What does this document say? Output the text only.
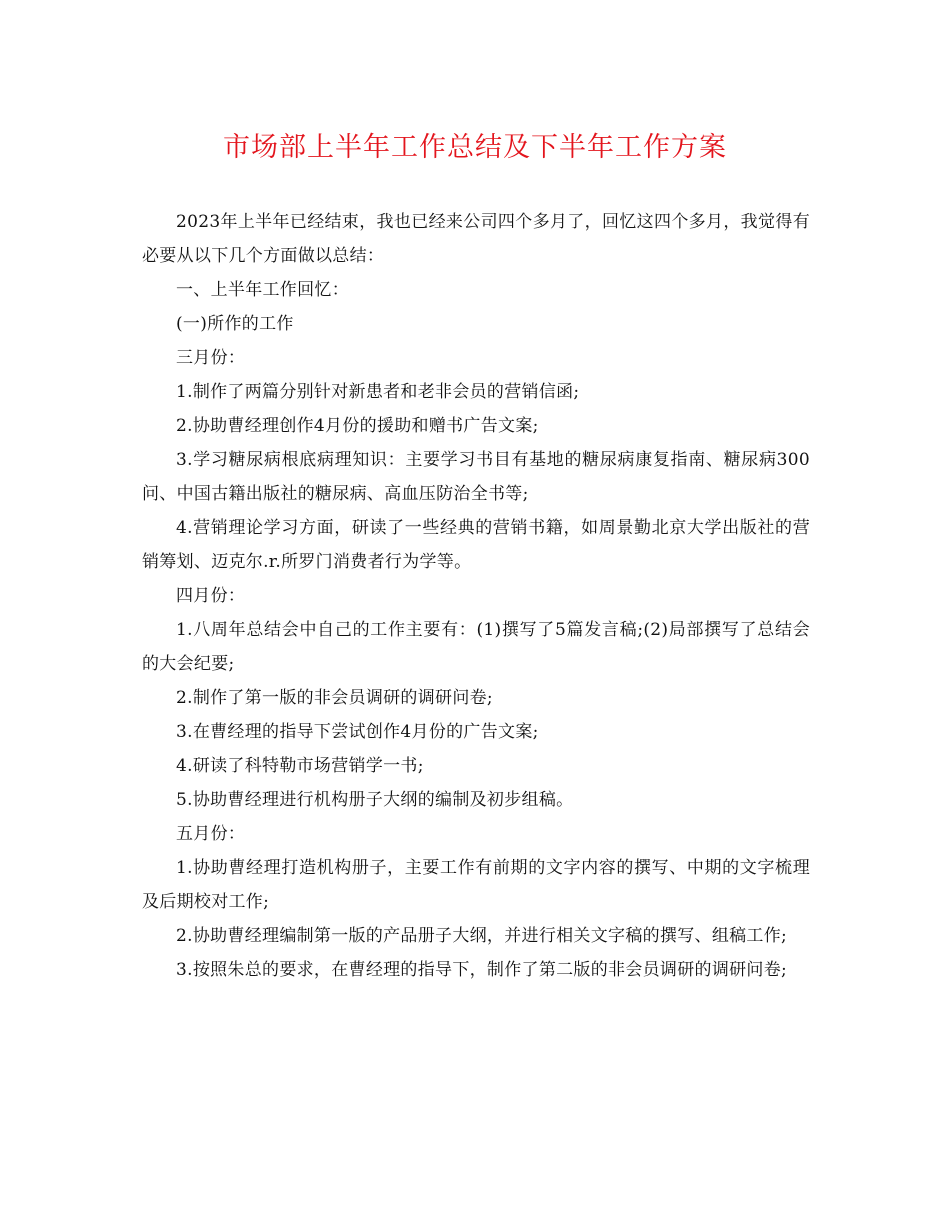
市场部上半年工作总结及下半年工作方案

2023年上半年已经结束，我也已经来公司四个多月了，回忆这四个多月，我觉得有必要从以下几个方面做以总结：

一、上半年工作回忆：

(一)所作的工作

三月份：

1.制作了两篇分别针对新患者和老非会员的营销信函;

2.协助曹经理创作4月份的援助和赠书广告文案;

3.学习糖尿病根底病理知识：主要学习书目有基地的糖尿病康复指南、糖尿病300问、中国古籍出版社的糖尿病、高血压防治全书等;

4.营销理论学习方面，研读了一些经典的营销书籍，如周景勤北京大学出版社的营销筹划、迈克尔.r.所罗门消费者行为学等。

四月份：

1.八周年总结会中自己的工作主要有：(1)撰写了5篇发言稿;(2)局部撰写了总结会的大会纪要;

2.制作了第一版的非会员调研的调研问卷;

3.在曹经理的指导下尝试创作4月份的广告文案;

4.研读了科特勒市场营销学一书;

5.协助曹经理进行机构册子大纲的编制及初步组稿。

五月份：

1.协助曹经理打造机构册子，主要工作有前期的文字内容的撰写、中期的文字梳理及后期校对工作;

2.协助曹经理编制第一版的产品册子大纲，并进行相关文字稿的撰写、组稿工作;

3.按照朱总的要求，在曹经理的指导下，制作了第二版的非会员调研的调研问卷;
